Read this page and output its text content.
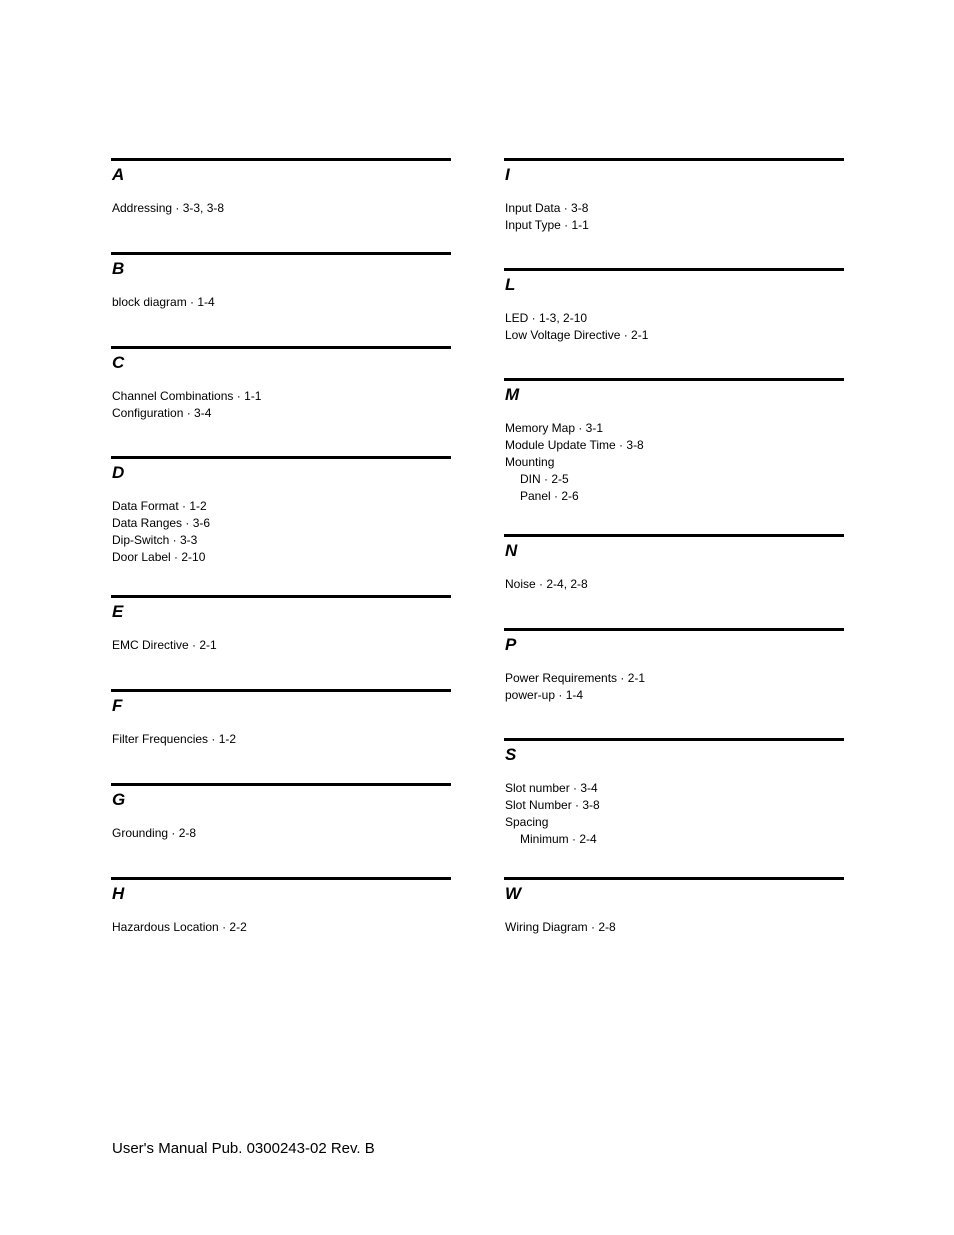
A
Addressing · 3-3, 3-8
B
block diagram · 1-4
C
Channel Combinations · 1-1
Configuration · 3-4
D
Data Format · 1-2
Data Ranges · 3-6
Dip-Switch · 3-3
Door Label · 2-10
E
EMC Directive · 2-1
F
Filter Frequencies · 1-2
G
Grounding · 2-8
H
Hazardous Location · 2-2
I
Input Data · 3-8
Input Type · 1-1
L
LED · 1-3, 2-10
Low Voltage Directive · 2-1
M
Memory Map · 3-1
Module Update Time · 3-8
Mounting
DIN · 2-5
Panel · 2-6
N
Noise · 2-4, 2-8
P
Power Requirements · 2-1
power-up · 1-4
S
Slot number · 3-4
Slot Number · 3-8
Spacing
Minimum · 2-4
W
Wiring Diagram · 2-8
User's Manual Pub. 0300243-02 Rev. B
